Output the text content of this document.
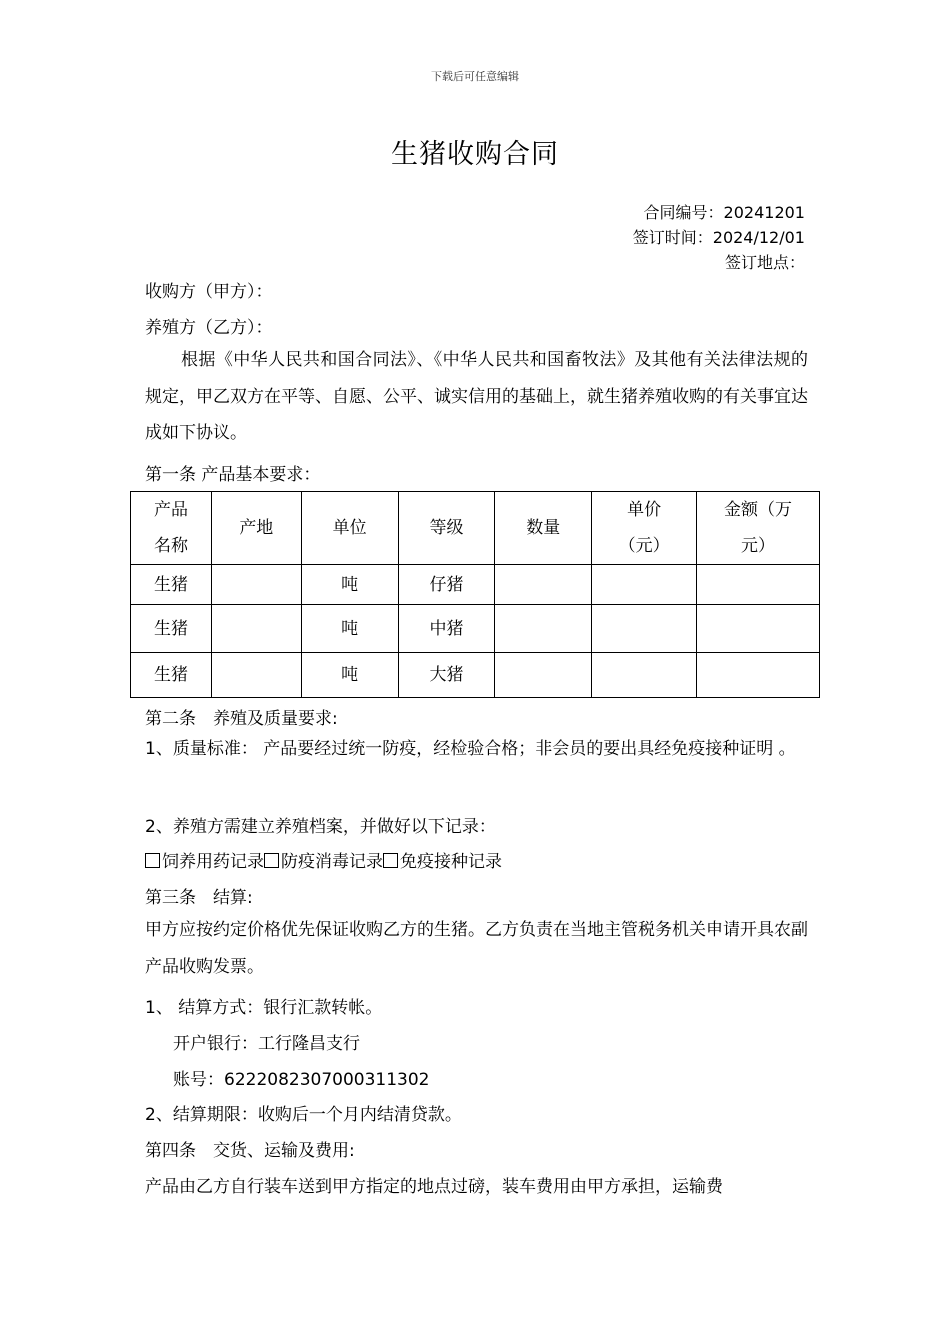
下载后可任意编辑
生猪收购合同
合同编号：20241201
签订时间：2024/12/01
签订地点：
收购方（甲方）：
养殖方（乙方）：
根据《中华人民共和国合同法》、《中华人民共和国畜牧法》及其他有关法律法规的规定，甲乙双方在平等、自愿、公平、诚实信用的基础上，就生猪养殖收购的有关事宜达成如下协议。
第一条 产品基本要求：
产品名称	产地	单位	等级	数量	单价（元）	金额（万元）

生猪		吨	仔猪			
生猪		吨	中猪			
生猪		吨	大猪			
第二条　养殖及质量要求:
1、质量标准： 产品要经过统一防疫，经检验合格；非会员的要出具经免疫接种证明 。
2、养殖方需建立养殖档案，并做好以下记录：
饲养用药记录 防疫消毒记录 免疫接种记录
第三条　结算:
甲方应按约定价格优先保证收购乙方的生猪。乙方负责在当地主管税务机关申请开具农副产品收购发票。
1、 结算方式：银行汇款转帐。
开户银行：工行隆昌支行
账号：6222082307000311302
2、结算期限：收购后一个月内结清贷款。
第四条　交货、运输及费用:
产品由乙方自行装车送到甲方指定的地点过磅，装车费用由甲方承担，运输费
